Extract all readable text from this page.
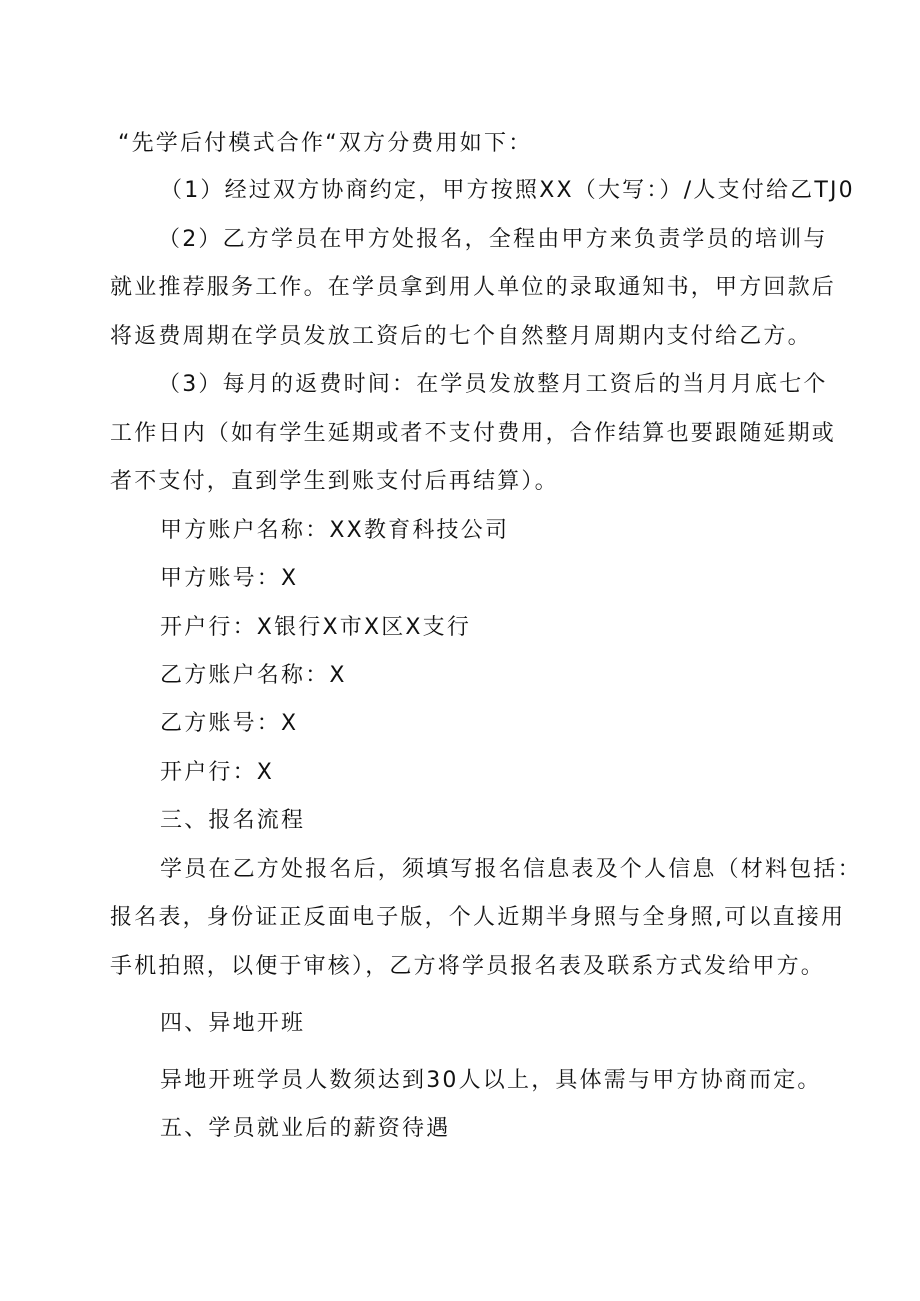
“先学后付模式合作“双方分费用如下：
（1）经过双方协商约定，甲方按照XX（大写：）/人支付给乙TJ0
（2）乙方学员在甲方处报名，全程由甲方来负责学员的培训与
就业推荐服务工作。在学员拿到用人单位的录取通知书，甲方回款后
将返费周期在学员发放工资后的七个自然整月周期内支付给乙方。
（3）每月的返费时间：在学员发放整月工资后的当月月底七个
工作日内（如有学生延期或者不支付费用，合作结算也要跟随延期或
者不支付，直到学生到账支付后再结算）。
甲方账户名称：XX教育科技公司
甲方账号：X
开户行：X银行X市X区X支行
乙方账户名称：X
乙方账号：X
开户行：X
三、报名流程
学员在乙方处报名后，须填写报名信息表及个人信息（材料包括：
报名表，身份证正反面电子版，个人近期半身照与全身照,可以直接用
手机拍照，以便于审核），乙方将学员报名表及联系方式发给甲方。
四、异地开班
异地开班学员人数须达到30人以上，具体需与甲方协商而定。
五、学员就业后的薪资待遇
